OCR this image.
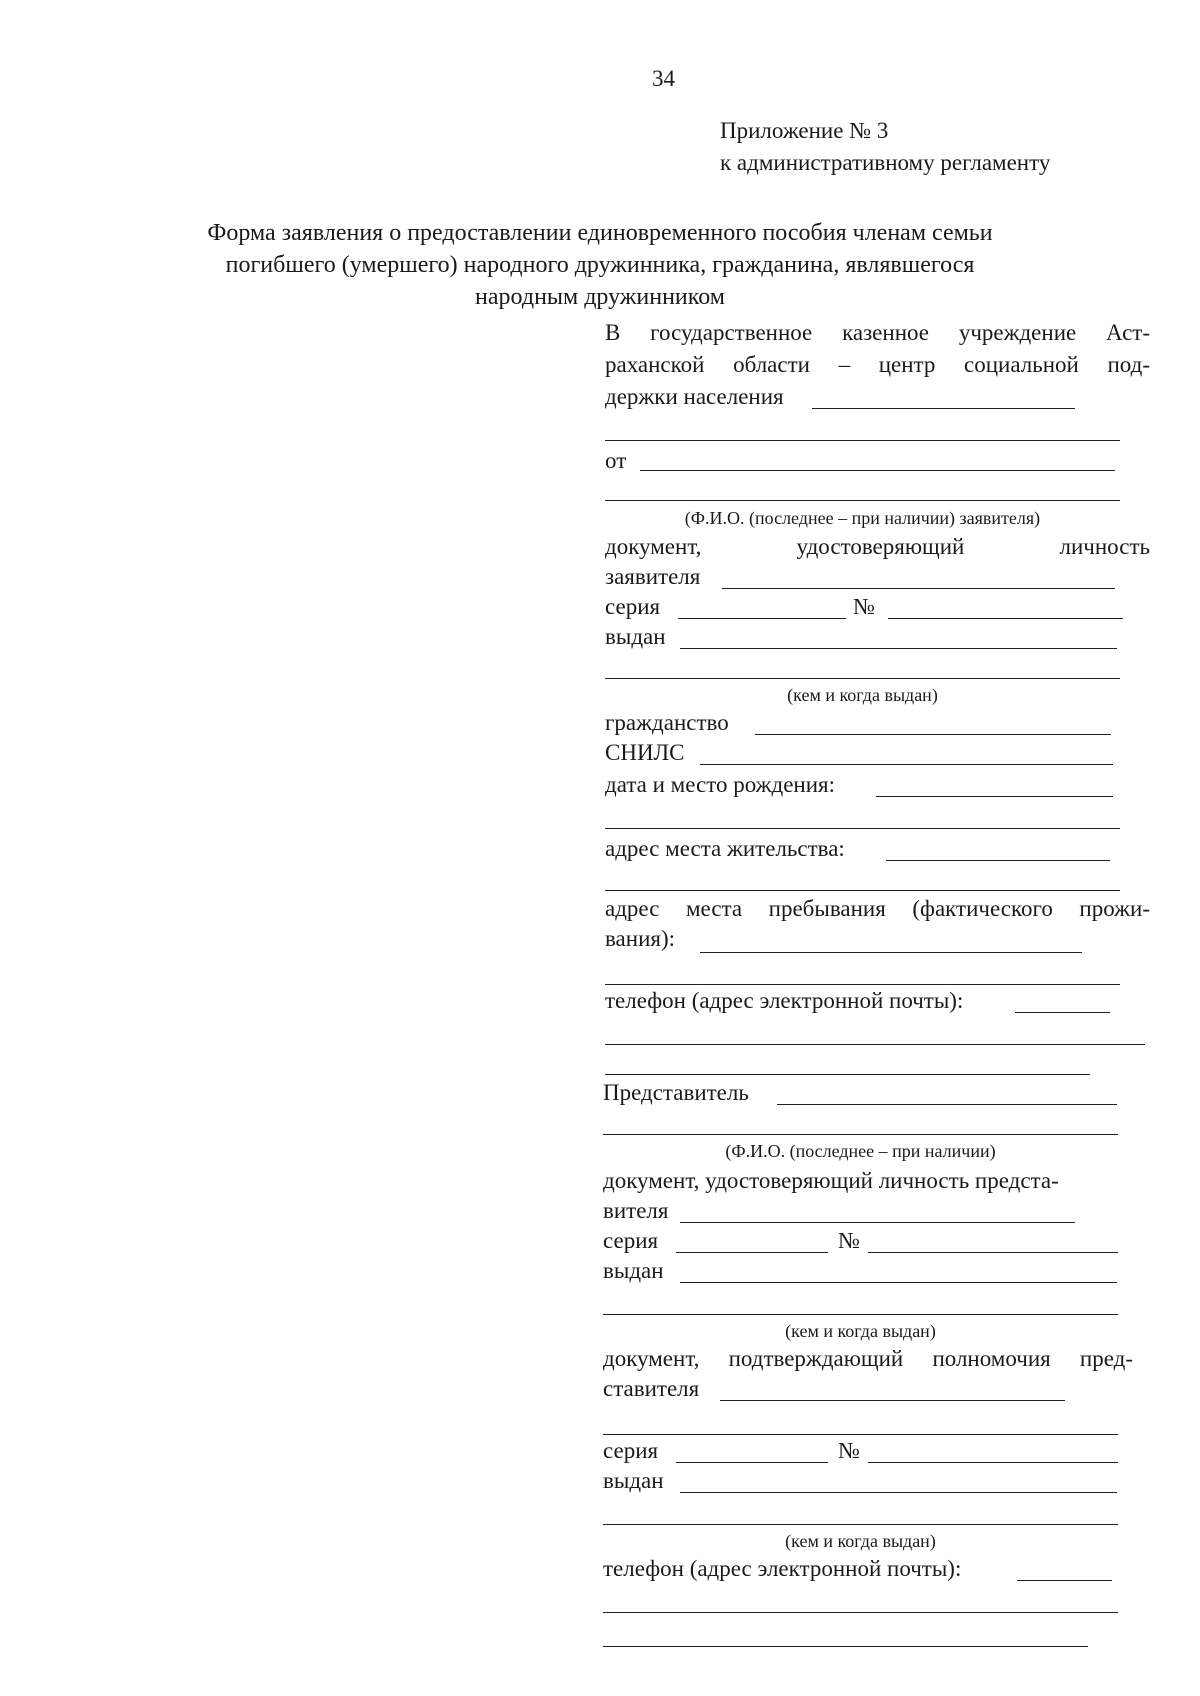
34
Приложение № 3
к административному регламенту
Форма заявления о предоставлении единовременного пособия членам семьи
погибшего (умершего) народного дружинника, гражданина, являвшегося
народным дружинником
В государственное казенное учреждение Аст-
раханской области – центр социальной под-
держки населения
от
(Ф.И.О. (последнее – при наличии) заявителя)
документ,	удостоверяющий	личность
заявителя
серия	№
выдан
(кем и когда выдан)
гражданство
СНИЛС
дата и место рождения:
адрес места жительства:
адрес места пребывания (фактического прожи-
вания):
телефон (адрес электронной почты):
Представитель
(Ф.И.О. (последнее – при наличии)
документ, удостоверяющий личность предста-
вителя
серия	№
выдан
(кем и когда выдан)
документ, подтверждающий полномочия пред-
ставителя
серия	№
выдан
(кем и когда выдан)
телефон (адрес электронной почты):
